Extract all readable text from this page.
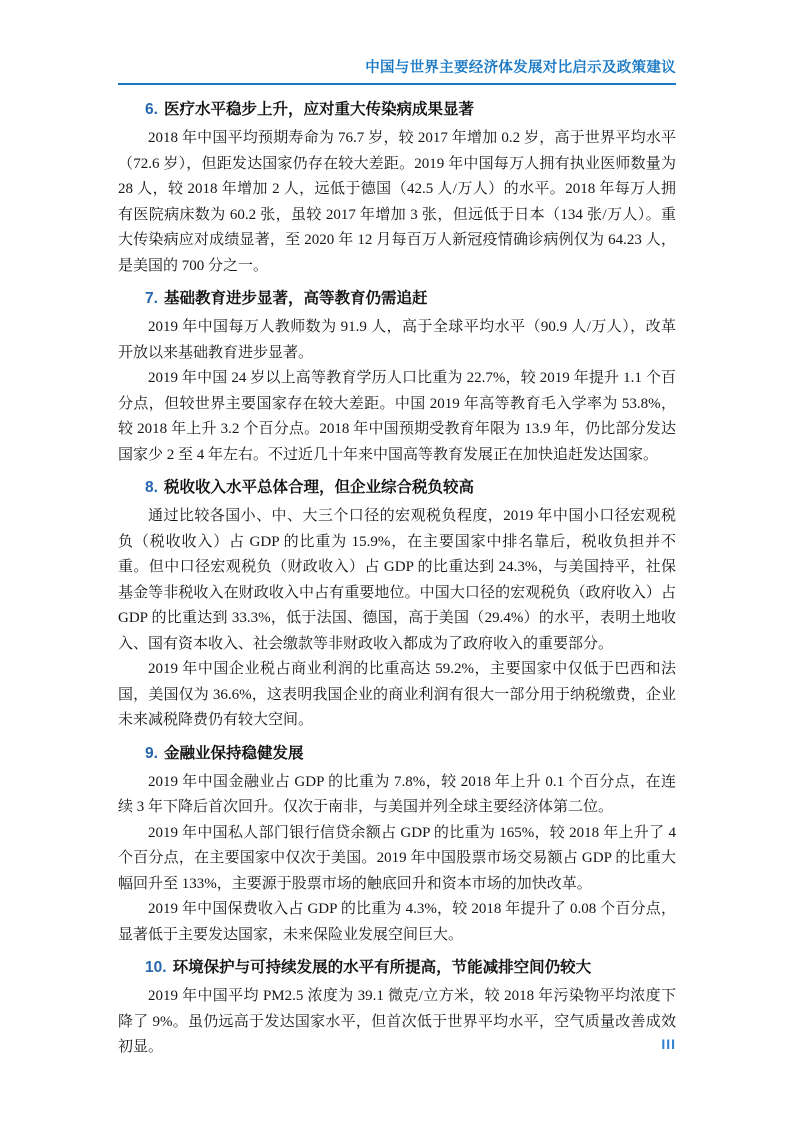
中国与世界主要经济体发展对比启示及政策建议
6. 医疗水平稳步上升，应对重大传染病成果显著

2018 年中国平均预期寿命为 76.7 岁，较 2017 年增加 0.2 岁，高于世界平均水平（72.6 岁），但距发达国家仍存在较大差距。2019 年中国每万人拥有执业医师数量为 28 人，较 2018 年增加 2 人，远低于德国（42.5 人/万人）的水平。2018 年每万人拥有医院病床数为 60.2 张，虽较 2017 年增加 3 张，但远低于日本（134 张/万人）。重大传染病应对成绩显著，至 2020 年 12 月每百万人新冠疫情确诊病例仅为 64.23 人，是美国的 700 分之一。

7. 基础教育进步显著，高等教育仍需追赶

2019 年中国每万人教师数为 91.9 人，高于全球平均水平（90.9 人/万人），改革开放以来基础教育进步显著。

2019 年中国 24 岁以上高等教育学历人口比重为 22.7%，较 2019 年提升 1.1 个百分点，但较世界主要国家存在较大差距。中国 2019 年高等教育毛入学率为 53.8%，较 2018 年上升 3.2 个百分点。2018 年中国预期受教育年限为 13.9 年，仍比部分发达国家少 2 至 4 年左右。不过近几十年来中国高等教育发展正在加快追赶发达国家。

8. 税收收入水平总体合理，但企业综合税负较高

通过比较各国小、中、大三个口径的宏观税负程度，2019 年中国小口径宏观税负（税收收入）占 GDP 的比重为 15.9%，在主要国家中排名靠后，税收负担并不重。但中口径宏观税负（财政收入）占 GDP 的比重达到 24.3%，与美国持平，社保基金等非税收入在财政收入中占有重要地位。中国大口径的宏观税负（政府收入）占 GDP 的比重达到 33.3%，低于法国、德国，高于美国（29.4%）的水平，表明土地收入、国有资本收入、社会缴款等非财政收入都成为了政府收入的重要部分。

2019 年中国企业税占商业利润的比重高达 59.2%，主要国家中仅低于巴西和法国，美国仅为 36.6%，这表明我国企业的商业利润有很大一部分用于纳税缴费，企业未来减税降费仍有较大空间。

9. 金融业保持稳健发展

2019 年中国金融业占 GDP 的比重为 7.8%，较 2018 年上升 0.1 个百分点，在连续 3 年下降后首次回升。仅次于南非，与美国并列全球主要经济体第二位。

2019 年中国私人部门银行信贷余额占 GDP 的比重为 165%，较 2018 年上升了 4 个百分点，在主要国家中仅次于美国。2019 年中国股票市场交易额占 GDP 的比重大幅回升至 133%，主要源于股票市场的触底回升和资本市场的加快改革。

2019 年中国保费收入占 GDP 的比重为 4.3%，较 2018 年提升了 0.08 个百分点，显著低于主要发达国家，未来保险业发展空间巨大。

10. 环境保护与可持续发展的水平有所提高，节能减排空间仍较大

2019 年中国平均 PM2.5 浓度为 39.1 微克/立方米，较 2018 年污染物平均浓度下降了 9%。虽仍远高于发达国家水平，但首次低于世界平均水平，空气质量改善成效初显。	III
